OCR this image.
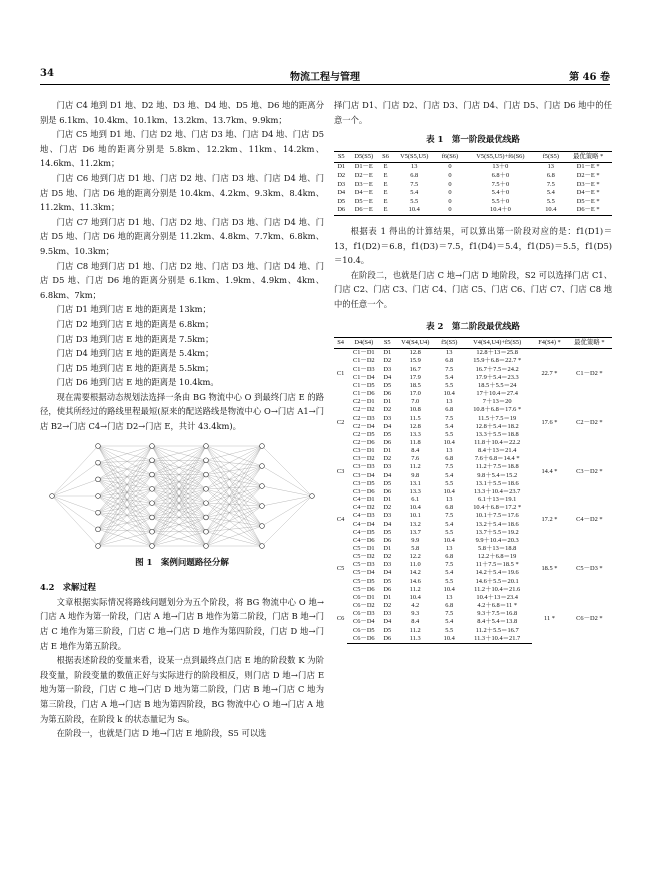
34	物流工程与管理	第 46 卷

门店 C4 地到 D1 地、D2 地、D3 地、D4 地、D5 地、D6 地的距离分别是 6.1km、10.4km、10.1km、13.2km、13.7km、9.9km；

门店 C5 地到 D1 地、门店 D2 地、门店 D3 地、门店 D4 地、门店 D5 地、门店 D6 地的距离分别是 5.8km、12.2km、11km、14.2km、14.6km、11.2km；

门店 C6 地到门店 D1 地、门店 D2 地、门店 D3 地、门店 D4 地、门店 D5 地、门店 D6 地的距离分别是 10.4km、4.2km、9.3km、8.4km、11.2km、11.3km；

门店 C7 地到门店 D1 地、门店 D2 地、门店 D3 地、门店 D4 地、门店 D5 地、门店 D6 地的距离分别是 11.2km、4.8km、7.7km、6.8km、9.5km、10.3km；

门店 C8 地到门店 D1 地、门店 D2 地、门店 D3 地、门店 D4 地、门店 D5 地、门店 D6 地的距离分别是 6.1km、1.9km、4.9km、4km、6.8km、7km；

门店 D1 地到门店 E 地的距离是 13km；

门店 D2 地到门店 E 地的距离是 6.8km；

门店 D3 地到门店 E 地的距离是 7.5km；

门店 D4 地到门店 E 地的距离是 5.4km；

门店 D5 地到门店 E 地的距离是 5.5km；

门店 D6 地到门店 E 地的距离是 10.4km。

现在需要根据动态规划法选择一条由 BG 物流中心 O 到最终门店 E 的路径，使其所经过的路线里程最短(原来的配送路线是物流中心 O→门店 A1→门店 B2→门店 C4→门店 D2→门店 E，共计 43.4km)。

图 1　案例问题路径分解
4.2　求解过程

文章根据实际情况将路线问题划分为五个阶段，将 BG 物流中心 O 地→门店 A 地作为第一阶段，门店 A 地→门店 B 地作为第二阶段，门店 B 地→门店 C 地作为第三阶段，门店 C 地→门店 D 地作为第四阶段，门店 D 地→门店 E 地作为第五阶段。

根据表述阶段的变量来看，设某一点到最终点门店 E 地的阶段数 K 为阶段变量，阶段变量的数值正好与实际进行的阶段相反，则门店 D 地→门店 E 地为第一阶段，门店 C 地→门店 D 地为第二阶段，门店 B 地→门店 C 地为第三阶段，门店 A 地→门店 B 地为第四阶段，BG 物流中心 O 地→门店 A 地为第五阶段，在阶段 k 的状态量记为 Sₖ。

在阶段一，也就是门店 D 地→门店 E 地阶段，S5 可以选

择门店 D1、门店 D2、门店 D3、门店 D4、门店 D5、门店 D6 地中的任意一个。

表 1　第一阶段最优线路
S5	D5(S5)	S6	V5(S5,U5)	f6(S6)	V5(S5,U5)+f6(S6)	f5(S5)	最优策略 *
D1	D1－E	E	13	0	13＋0	13	D1－E *
D2	D2－E	E	6.8	0	6.8＋0	6.8	D2－E *
D3	D3－E	E	7.5	0	7.5＋0	7.5	D3－E *
D4	D4－E	E	5.4	0	5.4＋0	5.4	D4－E *
D5	D5－E	E	5.5	0	5.5＋0	5.5	D5－E *
D6	D6－E	E	10.4	0	10.4＋0	10.4	D6－E *

根据表 1 得出的计算结果，可以算出第一阶段对应的是：f1(D1)＝13，f1(D2)＝6.8，f1(D3)＝7.5，f1(D4)＝5.4，f1(D5)＝5.5，f1(D5)＝10.4。

在阶段二，也就是门店 C 地→门店 D 地阶段，S2 可以选择门店 C1、门店 C2、门店 C3、门店 C4、门店 C5、门店 C6、门店 C7、门店 C8 地中的任意一个。

表 2　第二阶段最优线路
S4	D4(S4)	S5	V4(S4,U4)	f5(S5)	V4(S4,U4)+f5(S5)	F4(S4) *	最优策略 *
C1	C1－D1	D1	12.8	13	12.8＋13＝25.8	22.7 *	C1－D2 *
	C1－D2	D2	15.9	6.8	15.9＋6.8＝22.7 *		
	C1－D3	D3	16.7	7.5	16.7＋7.5＝24.2		
	C1－D4	D4	17.9	5.4	17.9＋5.4＝23.3		
	C1－D5	D5	18.5	5.5	18.5＋5.5＝24		
	C1－D6	D6	17.0	10.4	17＋10.4＝27.4		
C2	C2－D1	D1	7.0	13	7＋13＝20	17.6 *	C2－D2 *
	C2－D2	D2	10.8	6.8	10.8＋6.8＝17.6 *		
	C2－D3	D3	11.5	7.5	11.5＋7.5＝19		
	C2－D4	D4	12.8	5.4	12.8＋5.4＝18.2		
	C2－D5	D5	13.3	5.5	13.3＋5.5＝18.8		
	C2－D6	D6	11.8	10.4	11.8＋10.4＝22.2		
C3	C3－D1	D1	8.4	13	8.4＋13＝21.4	14.4 *	C3－D2 *
	C3－D2	D2	7.6	6.8	7.6＋6.8＝14.4 *		
	C3－D3	D3	11.2	7.5	11.2＋7.5＝18.8		
	C3－D4	D4	9.8	5.4	9.8＋5.4＝15.2		
	C3－D5	D5	13.1	5.5	13.1＋5.5＝18.6		
	C3－D6	D6	13.3	10.4	13.3＋10.4＝23.7		
C4	C4－D1	D1	6.1	13	6.1＋13＝19.1	17.2 *	C4－D2 *
	C4－D2	D2	10.4	6.8	10.4＋6.8＝17.2 *		
	C4－D3	D3	10.1	7.5	10.1＋7.5＝17.6		
	C4－D4	D4	13.2	5.4	13.2＋5.4＝18.6		
	C4－D5	D5	13.7	5.5	13.7＋5.5＝19.2		
	C4－D6	D6	9.9	10.4	9.9＋10.4＝20.3		
C5	C5－D1	D1	5.8	13	5.8＋13＝18.8	18.5 *	C5－D3 *
	C5－D2	D2	12.2	6.8	12.2＋6.8＝19		
	C5－D3	D3	11.0	7.5	11＋7.5＝18.5 *		
	C5－D4	D4	14.2	5.4	14.2＋5.4＝19.6		
	C5－D5	D5	14.6	5.5	14.6＋5.5＝20.1		
	C5－D6	D6	11.2	10.4	11.2＋10.4＝21.6		
C6	C6－D1	D1	10.4	13	10.4＋13＝23.4	11 *	C6－D2 *
	C6－D2	D2	4.2	6.8	4.2＋6.8＝11 *		
	C6－D3	D3	9.3	7.5	9.3＋7.5＝16.8		
	C6－D4	D4	8.4	5.4	8.4＋5.4＝13.8		
	C6－D5	D5	11.2	5.5	11.2＋5.5＝16.7		
	C6－D6	D6	11.3	10.4	11.3＋10.4＝21.7		
